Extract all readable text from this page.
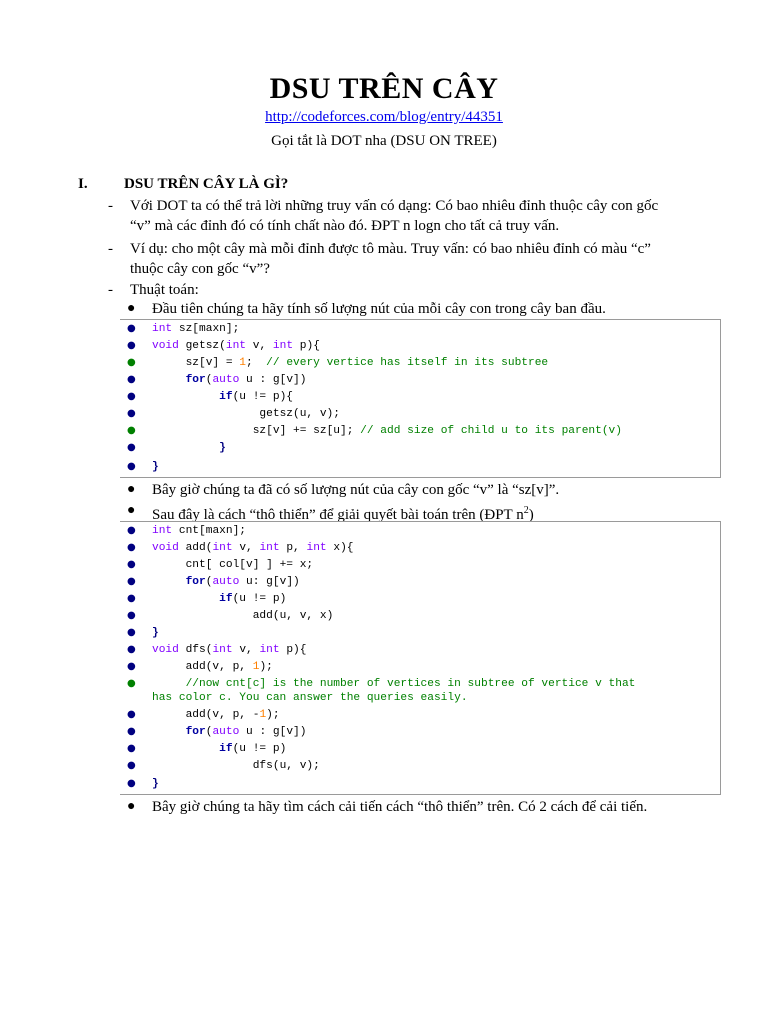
DSU TRÊN CÂY
http://codeforces.com/blog/entry/44351
Gọi tắt là DOT nha (DSU ON TREE)
I. DSU TRÊN CÂY LÀ GÌ?
- Với DOT ta có thể trả lời những truy vấn có dạng: Có bao nhiêu đỉnh thuộc cây con gốc
“v” mà các đỉnh đó có tính chất nào đó. ĐPT n logn cho tất cả truy vấn.
- Ví dụ: cho một cây mà mỗi đỉnh được tô màu. Truy vấn: có bao nhiêu đỉnh có màu “c”
thuộc cây con gốc “v”?
- Thuật toán:
● Đầu tiên chúng ta hãy tính số lượng nút của mỗi cây con trong cây ban đầu.
● int sz[maxn];
● void getsz(int v, int p){
●	sz[v] = 1; // every vertice has itself in its subtree
●	for(auto u : g[v])
●	if(u != p){
●	getsz(u, v);
●	sz[v] += sz[u]; // add size of child u to its parent(v)
●	}
● }
● Bây giờ chúng ta đã có số lượng nút của cây con gốc “v” là “sz[v]”.
● Sau đây là cách “thô thiển” để giải quyết bài toán trên (ĐPT $n^2$)
● int cnt[maxn];
● void add(int v, int p, int x){
●	cnt[ col[v] ] += x;
●	for(auto u: g[v])
●	if(u != p)
●	add(u, v, x)
● }
● void dfs(int v, int p){
●	add(v, p, 1);
●	//now cnt[c] is the number of vertices in subtree of vertice v that
has color c. You can answer the queries easily.
●	add(v, p, -1);
●	for(auto u : g[v])
●	if(u != p)
●	dfs(u, v);
● }
● Bây giờ chúng ta hãy tìm cách cải tiến cách “thô thiển” trên. Có 2 cách để cải tiến.
